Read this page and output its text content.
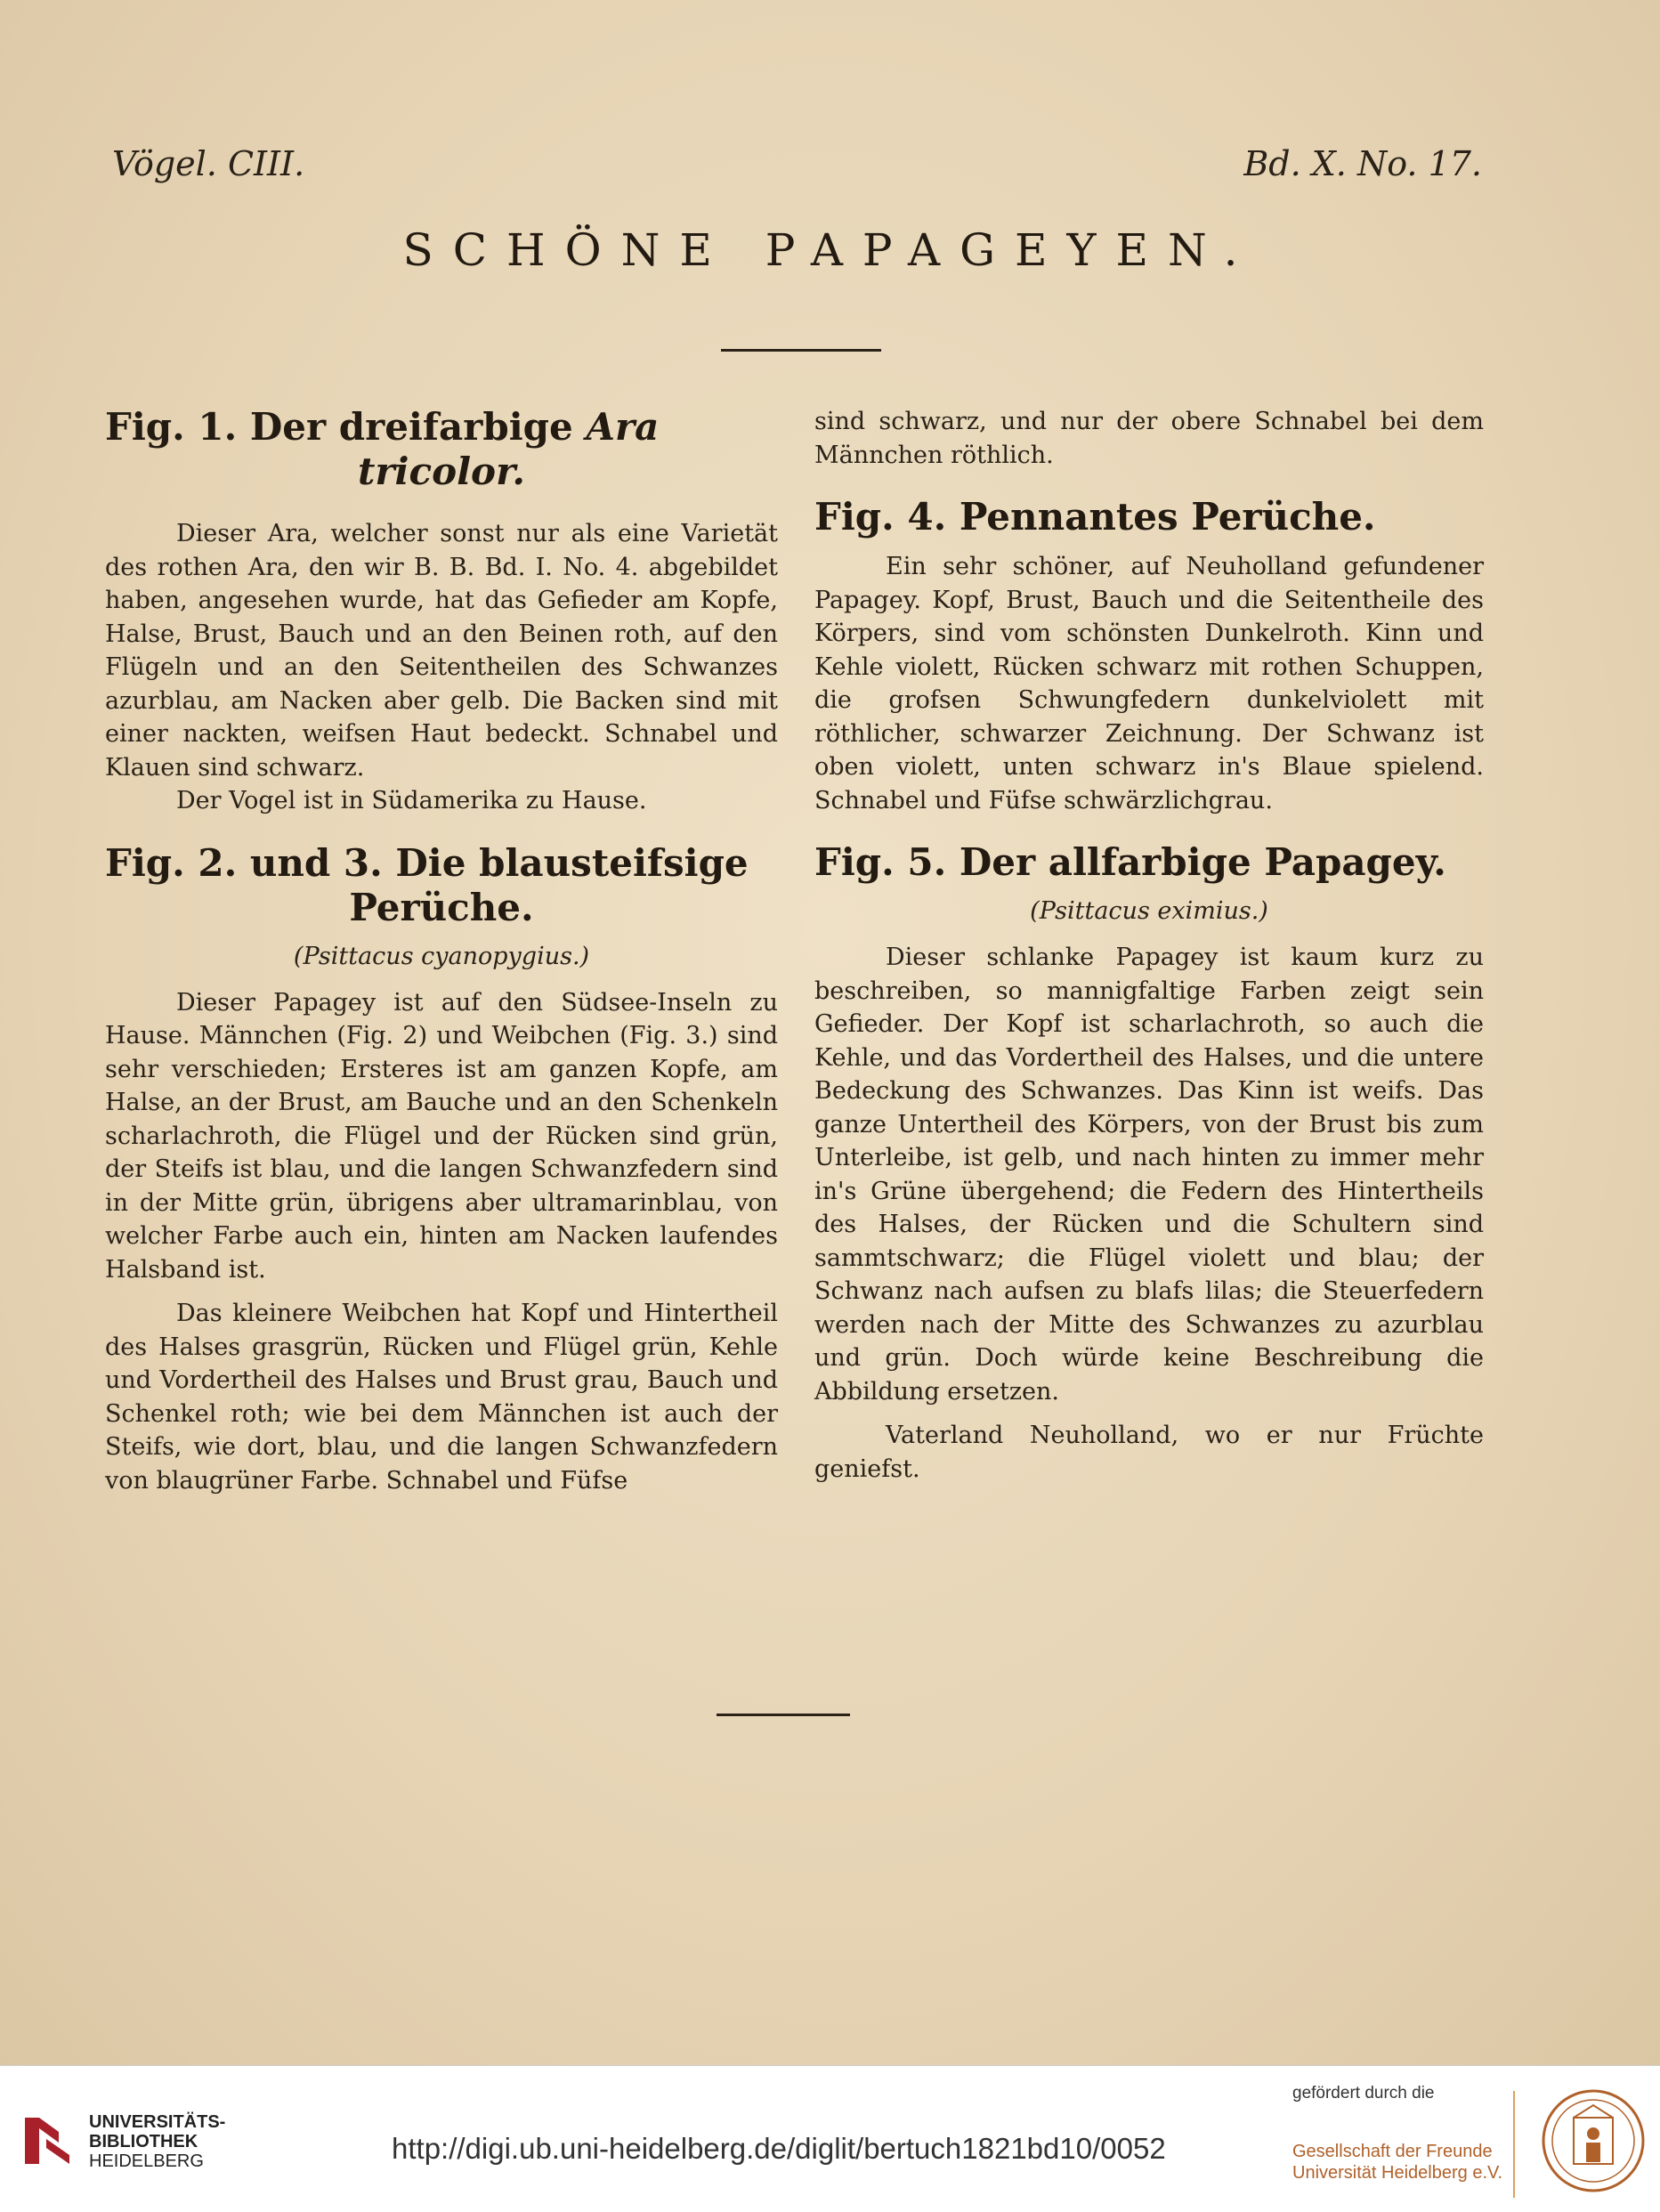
Vögel. CIII.	Bd. X. No. 17.
SCHÖNE PAPAGEYEN.
Fig. 1. Der dreifarbige Ara
tricolor.

Dieser Ara, welcher sonst nur als eine Varietät des rothen Ara, den wir B. B. Bd. I. No. 4. abgebildet haben, angesehen wurde, hat das Gefieder am Kopfe, Halse, Brust, Bauch und an den Beinen roth, auf den Flügeln und an den Seitentheilen des Schwanzes azurblau, am Nacken aber gelb. Die Backen sind mit einer nackten, weifsen Haut bedeckt. Schnabel und Klauen sind schwarz.

Der Vogel ist in Südamerika zu Hause.

Fig. 2. und 3. Die blausteifsige
Perüche.
(Psittacus cyanopygius.)

Dieser Papagey ist auf den Südsee-Inseln zu Hause. Männchen (Fig. 2) und Weibchen (Fig. 3.) sind sehr verschieden; Ersteres ist am ganzen Kopfe, am Halse, an der Brust, am Bauche und an den Schenkeln scharlachroth, die Flügel und der Rücken sind grün, der Steifs ist blau, und die langen Schwanzfedern sind in der Mitte grün, übrigens aber ultramarinblau, von welcher Farbe auch ein, hinten am Nacken laufendes Halsband ist.

Das kleinere Weibchen hat Kopf und Hintertheil des Halses grasgrün, Rücken und Flügel grün, Kehle und Vordertheil des Halses und Brust grau, Bauch und Schenkel roth; wie bei dem Männchen ist auch der Steifs, wie dort, blau, und die langen Schwanzfedern von blaugrüner Farbe. Schnabel und Füfse

sind schwarz, und nur der obere Schnabel bei dem Männchen röthlich.

Fig. 4. Pennantes Perüche.

Ein sehr schöner, auf Neuholland gefundener Papagey. Kopf, Brust, Bauch und die Seitentheile des Körpers, sind vom schönsten Dunkelroth. Kinn und Kehle violett, Rücken schwarz mit rothen Schuppen, die grofsen Schwungfedern dunkelviolett mit röthlicher, schwarzer Zeichnung. Der Schwanz ist oben violett, unten schwarz in's Blaue spielend. Schnabel und Füfse schwärzlichgrau.

Fig. 5. Der allfarbige Papagey.
(Psittacus eximius.)

Dieser schlanke Papagey ist kaum kurz zu beschreiben, so mannigfaltige Farben zeigt sein Gefieder. Der Kopf ist scharlachroth, so auch die Kehle, und das Vordertheil des Halses, und die untere Bedeckung des Schwanzes. Das Kinn ist weifs. Das ganze Untertheil des Körpers, von der Brust bis zum Unterleibe, ist gelb, und nach hinten zu immer mehr in's Grüne übergehend; die Federn des Hintertheils des Halses, der Rücken und die Schultern sind sammtschwarz; die Flügel violett und blau; der Schwanz nach aufsen zu blafs lilas; die Steuerfedern werden nach der Mitte des Schwanzes zu azurblau und grün. Doch würde keine Beschreibung die Abbildung ersetzen.

Vaterland Neuholland, wo er nur Früchte geniefst.

UNIVERSITÄTS-
BIBLIOTHEK
HEIDELBERG	http://digi.ub.uni-heidelberg.de/diglit/bertuch1821bd10/0052
gefördert durch die
Gesellschaft der Freunde
Universität Heidelberg e.V.
